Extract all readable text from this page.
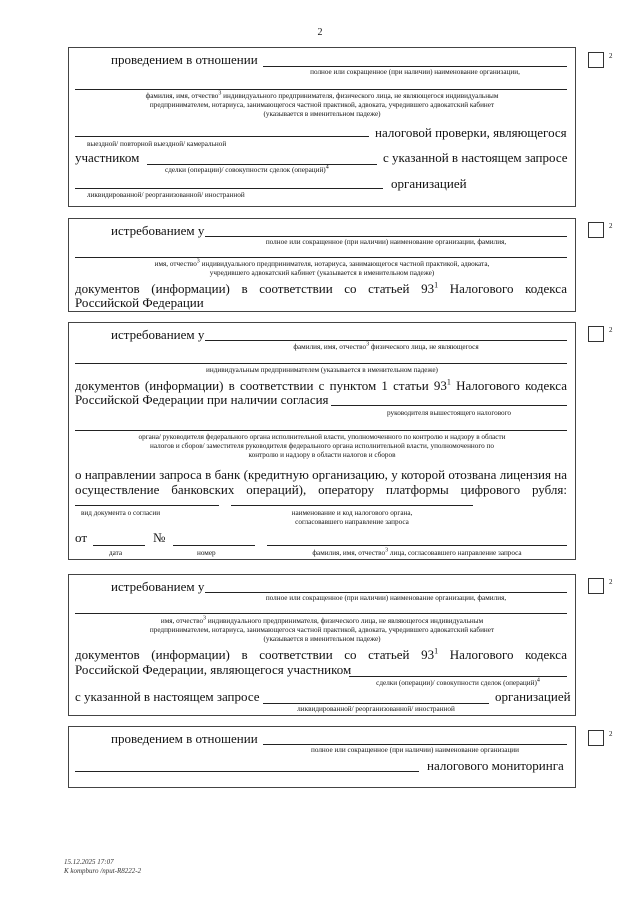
2
проведением в отношении
полное или сокращенное (при наличии) наименование организации,
фамилия, имя, отчество$^3$ индивидуального предпринимателя, физического лица, не являющегося индивидуальным
предпринимателем, нотариуса, занимающегося частной практикой, адвоката, учредившего адвокатский кабинет
(указывается в именительном падеже)
налоговой проверки, являющегося
выездной/ повторной выездной/ камеральной
участником	с указанной в настоящем запросе
сделки (операции)/ совокупности сделок (операций)$^4$
организацией
ликвидированной/ реорганизованной/ иностранной
2
истребованием у
полное или сокращенное (при наличии) наименование организации, фамилия,
имя, отчество$^3$ индивидуального предпринимателя, нотариуса, занимающегося частной практикой, адвоката,
учредившего адвокатский кабинет (указывается в именительном падеже)
документов (информации) в соответствии со статьей $93^1$ Налогового кодекса
Российской Федерации
2
истребованием у
фамилия, имя, отчество$^3$ физического лица, не являющегося
индивидуальным предпринимателем (указывается в именительном падеже)
документов (информации) в соответствии с пунктом 1 статьи $93^1$ Налогового кодекса
Российской Федерации при наличии согласия
руководителя вышестоящего налогового
органа/ руководителя федерального органа исполнительной власти, уполномоченного по контролю и надзору в области
налогов и сборов/ заместителя руководителя федерального органа исполнительной власти, уполномоченного по
контролю и надзору в области налогов и сборов
о направлении запроса в банк (кредитную организацию, у которой отозвана лицензия на
осуществление банковских операций), оператору платформы цифрового рубля:
вид документа о согласии	наименование и код налогового органа,
согласовавшего направление запроса
от	№
дата	номер	фамилия, имя, отчество$^3$ лица, согласовавшего направление запроса
2
истребованием у
полное или сокращенное (при наличии) наименование организации, фамилия,
имя, отчество$^3$ индивидуального предпринимателя, физического лица, не являющегося индивидуальным
предпринимателем, нотариуса, занимающегося частной практикой, адвоката, учредившего адвокатский кабинет
(указывается в именительном падеже)
документов (информации) в соответствии со статьей $93^1$ Налогового кодекса
Российской Федерации, являющегося участником
сделки (операции)/ совокупности сделок (операций)$^4$
с указанной в настоящем запросе	организацией
ликвидированной/ реорганизованной/ иностранной
2
проведением в отношении
полное или сокращенное (при наличии) наименование организации
налогового мониторинга
2
15.12.2025 17:07
К kompburo /nput-R8222-2
